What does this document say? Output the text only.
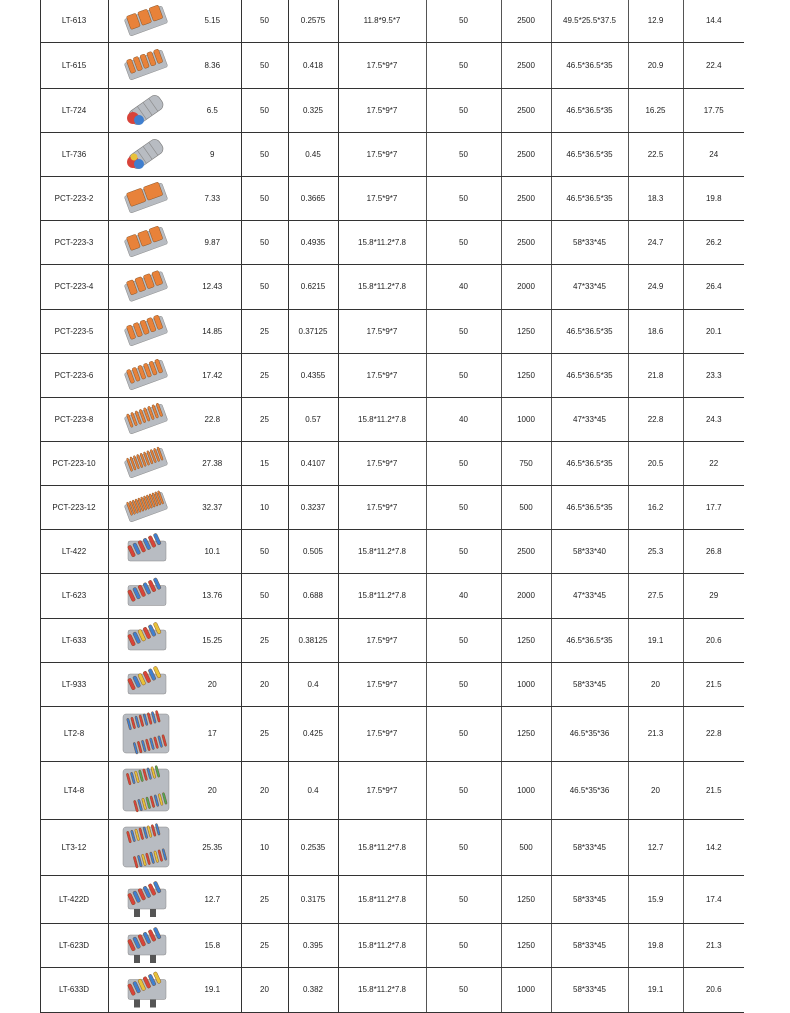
	LT-613		5.15	50	0.2575	11.8*9.5*7	50	2500	49.5*25.5*37.5	12.9	14.4
	LT-615		8.36	50	0.418	17.5*9*7	50	2500	46.5*36.5*35	20.9	22.4
	LT-724		6.5	50	0.325	17.5*9*7	50	2500	46.5*36.5*35	16.25	17.75
	LT-736		9	50	0.45	17.5*9*7	50	2500	46.5*36.5*35	22.5	24
	PCT-223-2		7.33	50	0.3665	17.5*9*7	50	2500	46.5*36.5*35	18.3	19.8
	PCT-223-3		9.87	50	0.4935	15.8*11.2*7.8	50	2500	58*33*45	24.7	26.2
	PCT-223-4		12.43	50	0.6215	15.8*11.2*7.8	40	2000	47*33*45	24.9	26.4
	PCT-223-5		14.85	25	0.37125	17.5*9*7	50	1250	46.5*36.5*35	18.6	20.1
	PCT-223-6		17.42	25	0.4355	17.5*9*7	50	1250	46.5*36.5*35	21.8	23.3
	PCT-223-8		22.8	25	0.57	15.8*11.2*7.8	40	1000	47*33*45	22.8	24.3
	PCT-223-10		27.38	15	0.4107	17.5*9*7	50	750	46.5*36.5*35	20.5	22
	PCT-223-12		32.37	10	0.3237	17.5*9*7	50	500	46.5*36.5*35	16.2	17.7
	LT-422		10.1	50	0.505	15.8*11.2*7.8	50	2500	58*33*40	25.3	26.8
	LT-623		13.76	50	0.688	15.8*11.2*7.8	40	2000	47*33*45	27.5	29
	LT-633		15.25	25	0.38125	17.5*9*7	50	1250	46.5*36.5*35	19.1	20.6
	LT-933		20	20	0.4	17.5*9*7	50	1000	58*33*45	20	21.5
	LT2-8		17	25	0.425	17.5*9*7	50	1250	46.5*35*36	21.3	22.8
	LT4-8		20	20	0.4	17.5*9*7	50	1000	46.5*35*36	20	21.5
	LT3-12		25.35	10	0.2535	15.8*11.2*7.8	50	500	58*33*45	12.7	14.2
	LT-422D		12.7	25	0.3175	15.8*11.2*7.8	50	1250	58*33*45	15.9	17.4
	LT-623D		15.8	25	0.395	15.8*11.2*7.8	50	1250	58*33*45	19.8	21.3
	LT-633D		19.1	20	0.382	15.8*11.2*7.8	50	1000	58*33*45	19.1	20.6
